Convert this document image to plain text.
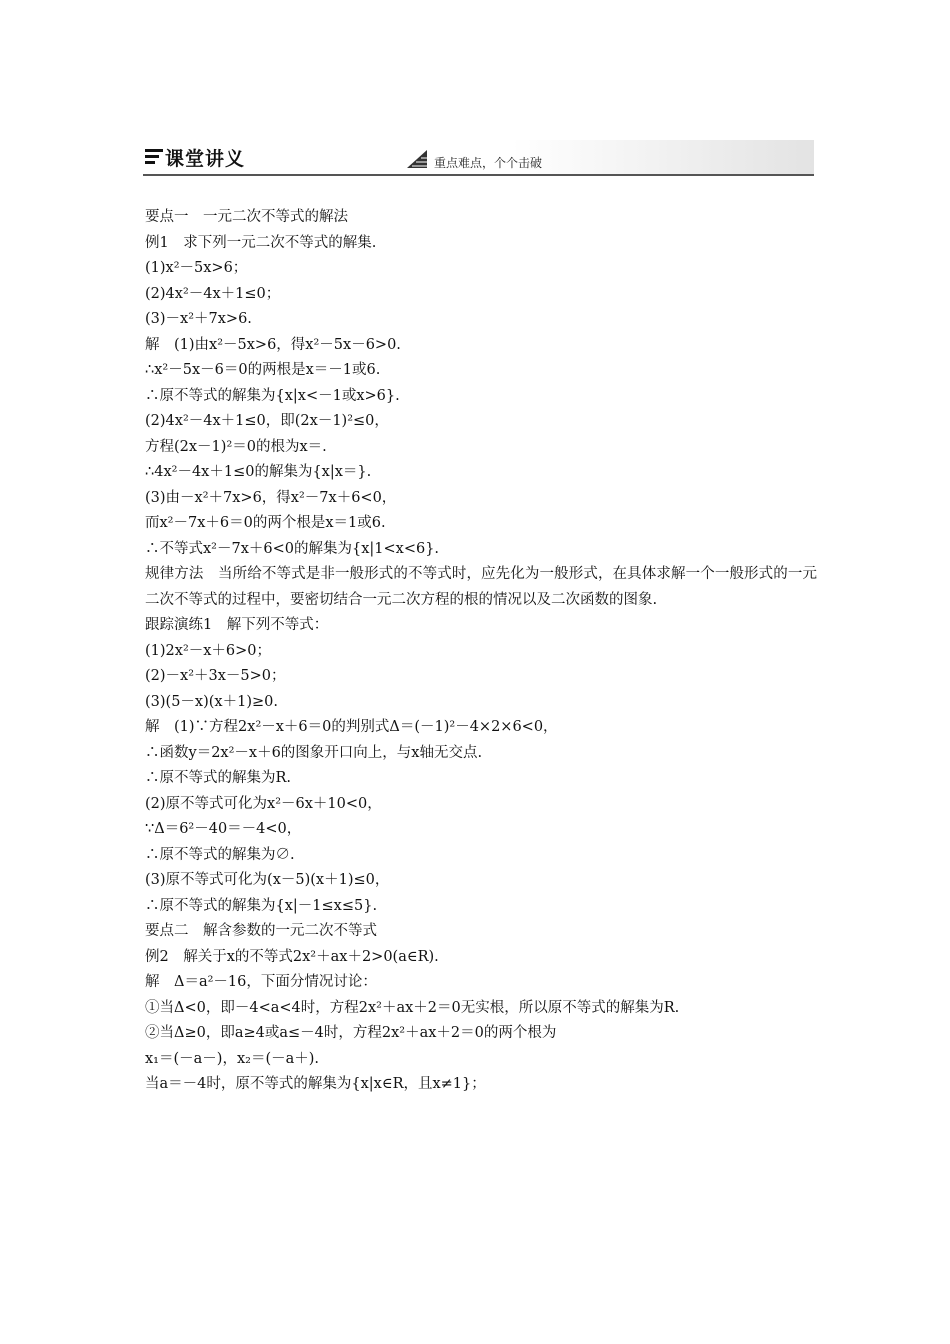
课堂讲义	重点难点，个个击破
要点一　一元二次不等式的解法
例1　求下列一元二次不等式的解集.
(1)x²－5x>6；
(2)4x²－4x＋1≤0；
(3)－x²＋7x>6.
解　(1)由x²－5x>6，得x²－5x－6>0.
∴x²－5x－6＝0的两根是x＝－1或6.
∴原不等式的解集为{x|x<－1或x>6}.
(2)4x²－4x＋1≤0，即(2x－1)²≤0，
方程(2x－1)²＝0的根为x＝.
∴4x²－4x＋1≤0的解集为{x|x＝}.
(3)由－x²＋7x>6，得x²－7x＋6<0，
而x²－7x＋6＝0的两个根是x＝1或6.
∴不等式x²－7x＋6<0的解集为{x|1<x<6}.
规律方法　当所给不等式是非一般形式的不等式时，应先化为一般形式，在具体求解一个一般形式的一元二次不等式的过程中，要密切结合一元二次方程的根的情况以及二次函数的图象.
跟踪演练1　解下列不等式：
(1)2x²－x＋6>0；
(2)－x²＋3x－5>0；
(3)(5－x)(x＋1)≥0.
解　(1)∵方程2x²－x＋6＝0的判别式Δ＝(－1)²－4×2×6<0，
∴函数y＝2x²－x＋6的图象开口向上，与x轴无交点.
∴原不等式的解集为R.
(2)原不等式可化为x²－6x＋10<0，
∵Δ＝6²－40＝－4<0，
∴原不等式的解集为∅.
(3)原不等式可化为(x－5)(x＋1)≤0，
∴原不等式的解集为{x|－1≤x≤5}.
要点二　解含参数的一元二次不等式
例2　解关于x的不等式2x²＋ax＋2>0(a∈R).
解　Δ＝a²－16，下面分情况讨论：
①当Δ<0，即－4<a<4时，方程2x²＋ax＋2＝0无实根，所以原不等式的解集为R.
②当Δ≥0，即a≥4或a≤－4时，方程2x²＋ax＋2＝0的两个根为
x₁＝(－a－)，x₂＝(－a＋).
当a＝－4时，原不等式的解集为{x|x∈R，且x≠1}；
